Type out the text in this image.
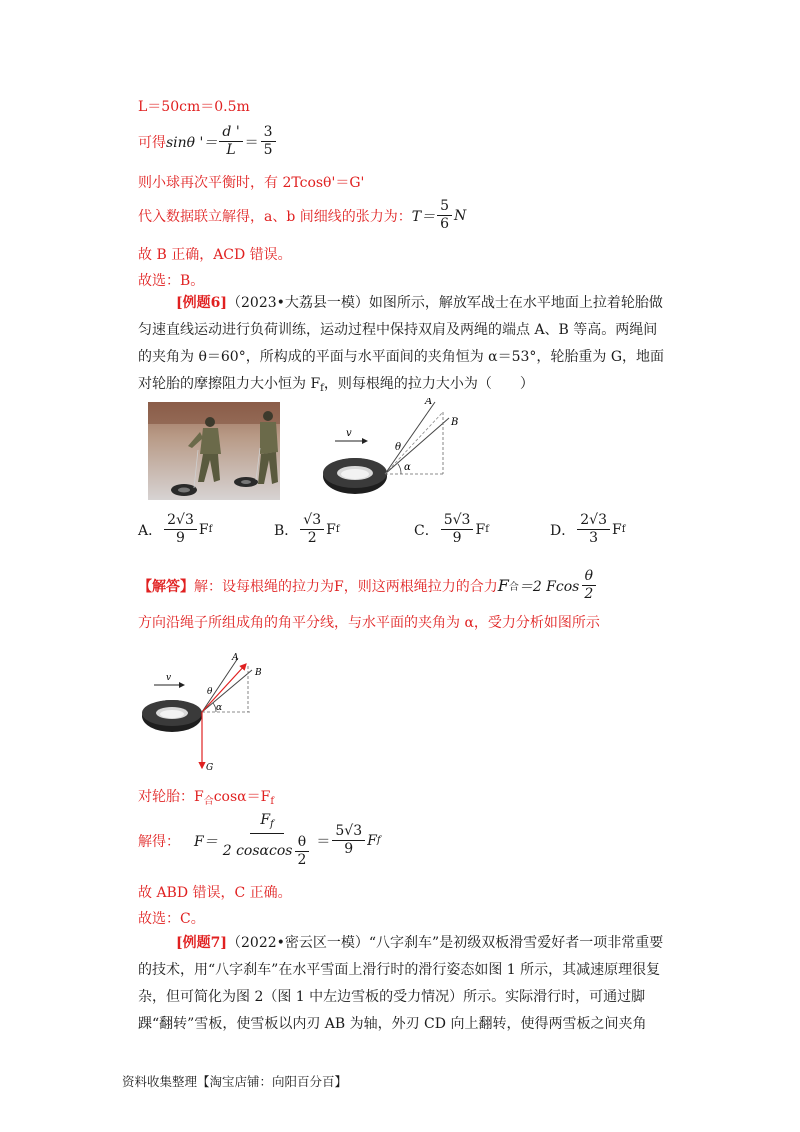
L＝50cm＝0.5m
可得 sinθ '＝ $\frac{d '}{L} = \frac{3}{5}$
则小球再次平衡时，有 2Tcosθ'＝G'
代入数据联立解得，a、b 间细线的张力为： $T= \frac{5}{6}$ N
故 B 正确，ACD 错误。
故选：B。
[例题6]（2023•大荔县一模）如图所示，解放军战士在水平地面上拉着轮胎做匀速直线运动进行负荷训练，运动过程中保持双肩及两绳的端点 A、B 等高。两绳间的夹角为 θ＝60°，所构成的平面与水平面间的夹角恒为 α＝53°，轮胎重为 G，地面对轮胎的摩擦阻力大小恒为 $F_f$，则每根绳的拉力大小为（　　）
v
A
B
θ
α
A． $\frac{2√3}{9}$ F f	B． $\frac{√3}{2}$ F f	C． $\frac{5√3}{9}$ F f	D． $\frac{2√3}{3}$ F f
【解答】 解：设每根绳的拉力为F，则这两根绳拉力的合力 F 合 ＝2 Fcos $\frac{\theta}{2}$
方向沿绳子所组成角的角平分线，与水平面的夹角为 α，受力分析如图所示
v
A
B
θ
α
G
对轮胎：$F_合\cos\alpha=F_f$
解得： $F= \frac{F_f}{2 \cos\alpha\cos \frac{\theta}{2}} = \frac{5√3}{9}$ F f
故 ABD 错误，C 正确。
故选：C。
[例题7]（2022•密云区一模）“八字刹车”是初级双板滑雪爱好者一项非常重要的技术，用“八字刹车”在水平雪面上滑行时的滑行姿态如图 1 所示，其减速原理很复杂，但可简化为图 2（图 1 中左边雪板的受力情况）所示。实际滑行时，可通过脚踝“翻转”雪板，使雪板以内刃 AB 为轴，外刃 CD 向上翻转，使得两雪板之间夹角
资料收集整理【淘宝店铺：向阳百分百】
